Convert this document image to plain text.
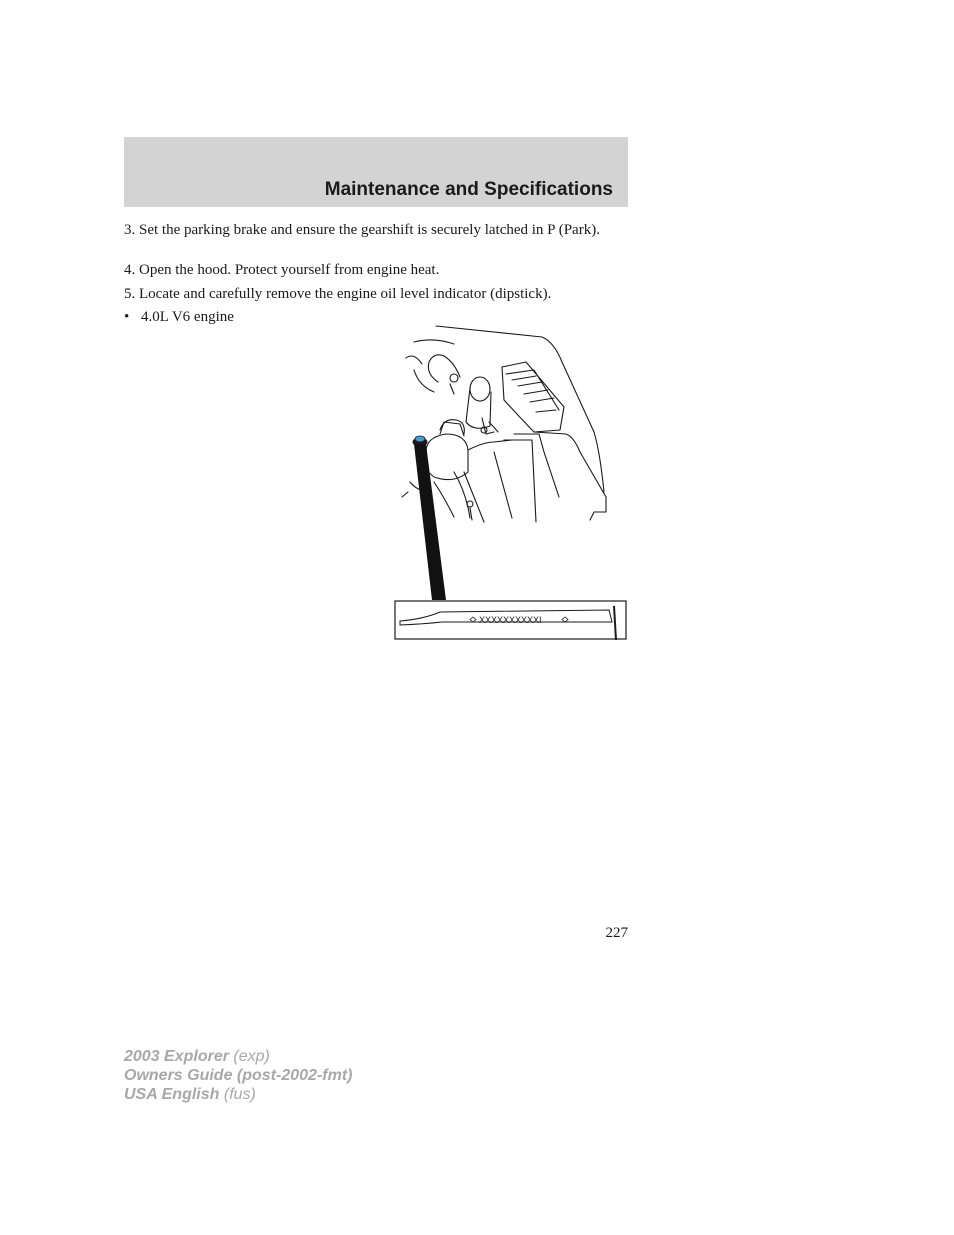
Maintenance and Specifications
3. Set the parking brake and ensure the gearshift is securely latched in P (Park).
4. Open the hood. Protect yourself from engine heat.
5. Locate and carefully remove the engine oil level indicator (dipstick).
• 4.0L V6 engine
XXXXXXXXXXI
227
2003 Explorer (exp)
Owners Guide (post-2002-fmt)
USA English (fus)
